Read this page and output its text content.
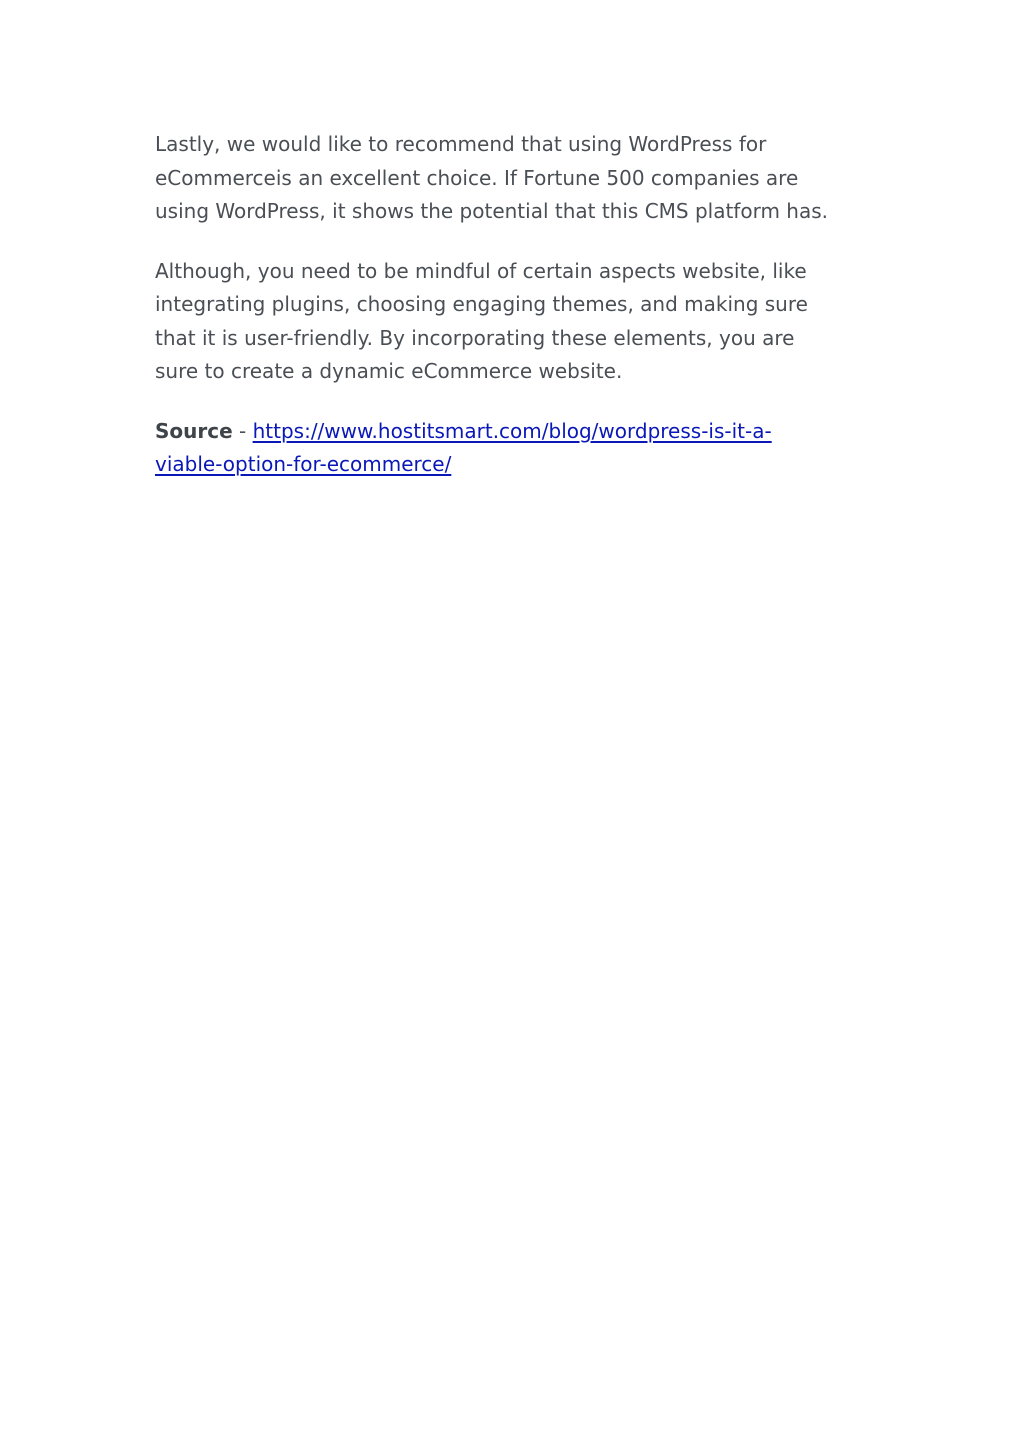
Lastly, we would like to recommend that using WordPress for
eCommerceis an excellent choice. If Fortune 500 companies are
using WordPress, it shows the potential that this CMS platform has.

Although, you need to be mindful of certain aspects website, like
integrating plugins, choosing engaging themes, and making sure
that it is user-friendly. By incorporating these elements, you are
sure to create a dynamic eCommerce website.

Source - https://www.hostitsmart.com/blog/wordpress-is-it-a-
viable-option-for-ecommerce/
